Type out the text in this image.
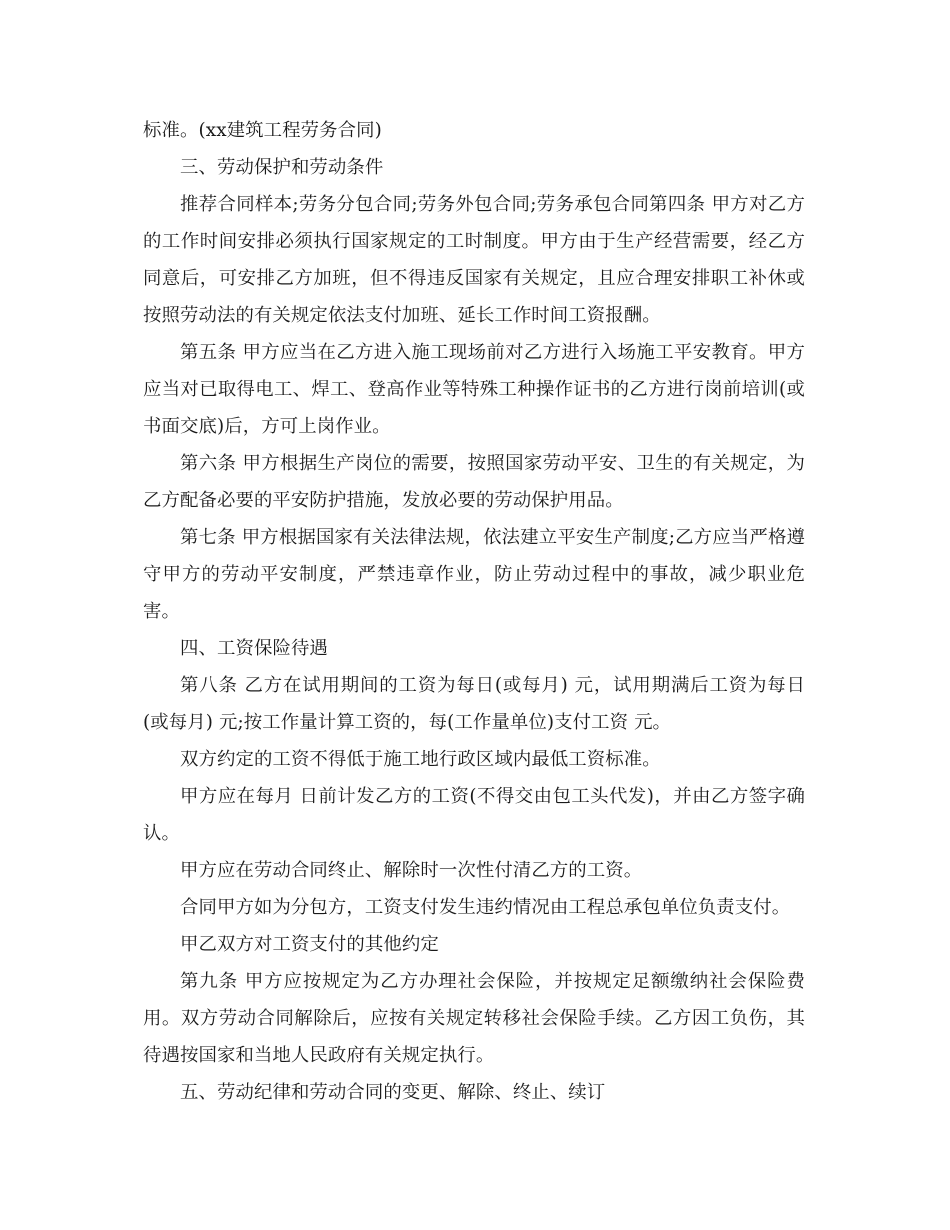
标准。(xx建筑工程劳务合同)

三、劳动保护和劳动条件

推荐合同样本;劳务分包合同;劳务外包合同;劳务承包合同第四条 甲方对乙方的工作时间安排必须执行国家规定的工时制度。甲方由于生产经营需要，经乙方同意后，可安排乙方加班，但不得违反国家有关规定，且应合理安排职工补休或按照劳动法的有关规定依法支付加班、延长工作时间工资报酬。

第五条 甲方应当在乙方进入施工现场前对乙方进行入场施工平安教育。甲方应当对已取得电工、焊工、登高作业等特殊工种操作证书的乙方进行岗前培训(或书面交底)后，方可上岗作业。

第六条 甲方根据生产岗位的需要，按照国家劳动平安、卫生的有关规定，为乙方配备必要的平安防护措施，发放必要的劳动保护用品。

第七条 甲方根据国家有关法律法规，依法建立平安生产制度;乙方应当严格遵守甲方的劳动平安制度，严禁违章作业，防止劳动过程中的事故，减少职业危害。

四、工资保险待遇

第八条 乙方在试用期间的工资为每日(或每月) 元，试用期满后工资为每日(或每月) 元;按工作量计算工资的，每(工作量单位)支付工资 元。

双方约定的工资不得低于施工地行政区域内最低工资标准。

甲方应在每月 日前计发乙方的工资(不得交由包工头代发)，并由乙方签字确认。

甲方应在劳动合同终止、解除时一次性付清乙方的工资。

合同甲方如为分包方，工资支付发生违约情况由工程总承包单位负责支付。

甲乙双方对工资支付的其他约定

第九条 甲方应按规定为乙方办理社会保险，并按规定足额缴纳社会保险费用。双方劳动合同解除后，应按有关规定转移社会保险手续。乙方因工负伤，其待遇按国家和当地人民政府有关规定执行。

五、劳动纪律和劳动合同的变更、解除、终止、续订
